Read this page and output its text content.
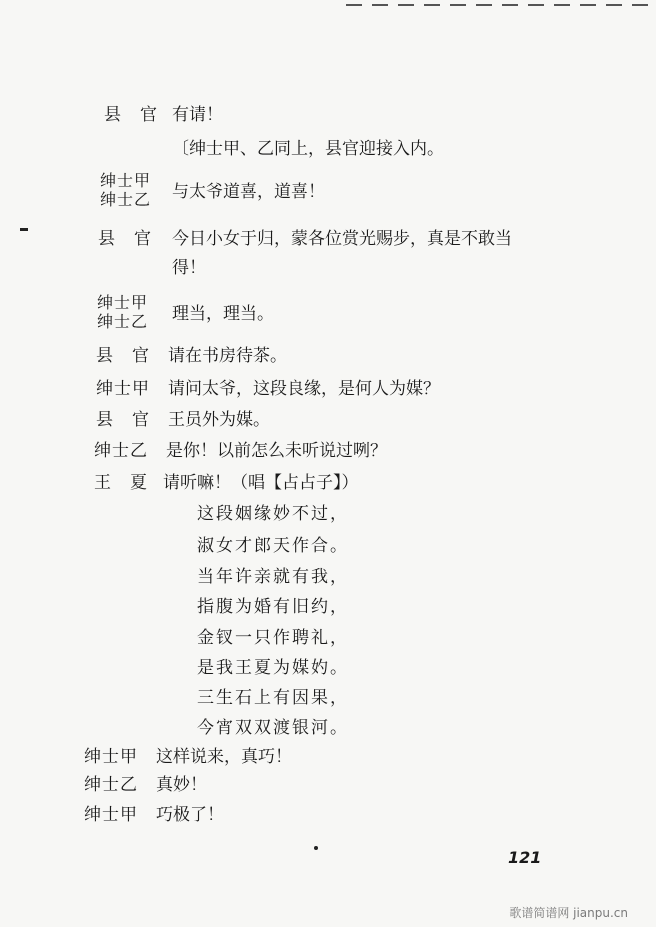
县　官 有请！
〔绅士甲、乙同上，县官迎接入内。
绅士甲
绅士乙 与太爷道喜，道喜！
县　官 今日小女于归，蒙各位赏光赐步，真是不敢当
得！
绅士甲
绅士乙 理当，理当。
县　官 请在书房待茶。
绅士甲 请问太爷，这段良缘，是何人为媒？
县　官 王员外为媒。
绅士乙 是你！以前怎么未听说过咧？
王　夏 请听嘛！（唱【占占子】）
这段姻缘妙不过，
淑女才郎天作合。
当年许亲就有我，
指腹为婚有旧约，
金钗一只作聘礼，
是我王夏为媒妁。
三生石上有因果，
今宵双双渡银河。
绅士甲 这样说来，真巧！
绅士乙 真妙！
绅士甲 巧极了！
121
歌谱简谱网 jianpu.cn
